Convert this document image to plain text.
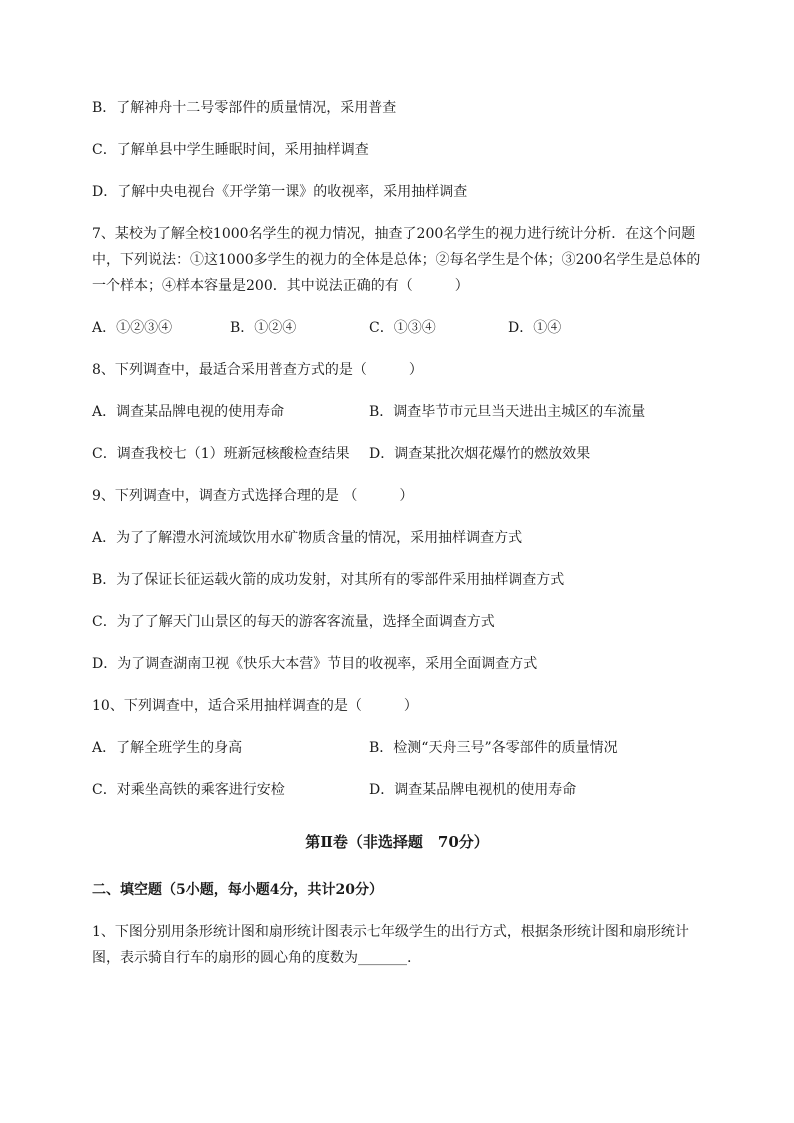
B．了解神舟十二号零部件的质量情况，采用普查
C．了解单县中学生睡眠时间，采用抽样调查
D．了解中央电视台《开学第一课》的收视率，采用抽样调查
7、某校为了解全校1000名学生的视力情况，抽查了200名学生的视力进行统计分析．在这个问题
中，下列说法：①这1000多学生的视力的全体是总体；②每名学生是个体；③200名学生是总体的
一个样本；④样本容量是200．其中说法正确的有（　　　）
A．①②③④	B．①②④	C．①③④	D．①④
8、下列调查中，最适合采用普查方式的是（　　　）
A．调查某品牌电视的使用寿命	B．调查毕节市元旦当天进出主城区的车流量
C．调查我校七（1）班新冠核酸检查结果 D．调查某批次烟花爆竹的燃放效果
9、下列调查中，调查方式选择合理的是 （　　　）
A．为了了解澧水河流域饮用水矿物质含量的情况，采用抽样调查方式
B．为了保证长征运载火箭的成功发射，对其所有的零部件采用抽样调查方式
C．为了了解天门山景区的每天的游客客流量，选择全面调查方式
D．为了调查湖南卫视《快乐大本营》节目的收视率，采用全面调查方式
10、下列调查中，适合采用抽样调查的是（　　　）
A．了解全班学生的身高	B．检测“天舟三号”各零部件的质量情况
C．对乘坐高铁的乘客进行安检	D．调查某品牌电视机的使用寿命
第Ⅱ卷（非选择题　70分）
二、填空题（5小题，每小题4分，共计20分）
1、下图分别用条形统计图和扇形统计图表示七年级学生的出行方式，根据条形统计图和扇形统计
图，表示骑自行车的扇形的圆心角的度数为_______.
